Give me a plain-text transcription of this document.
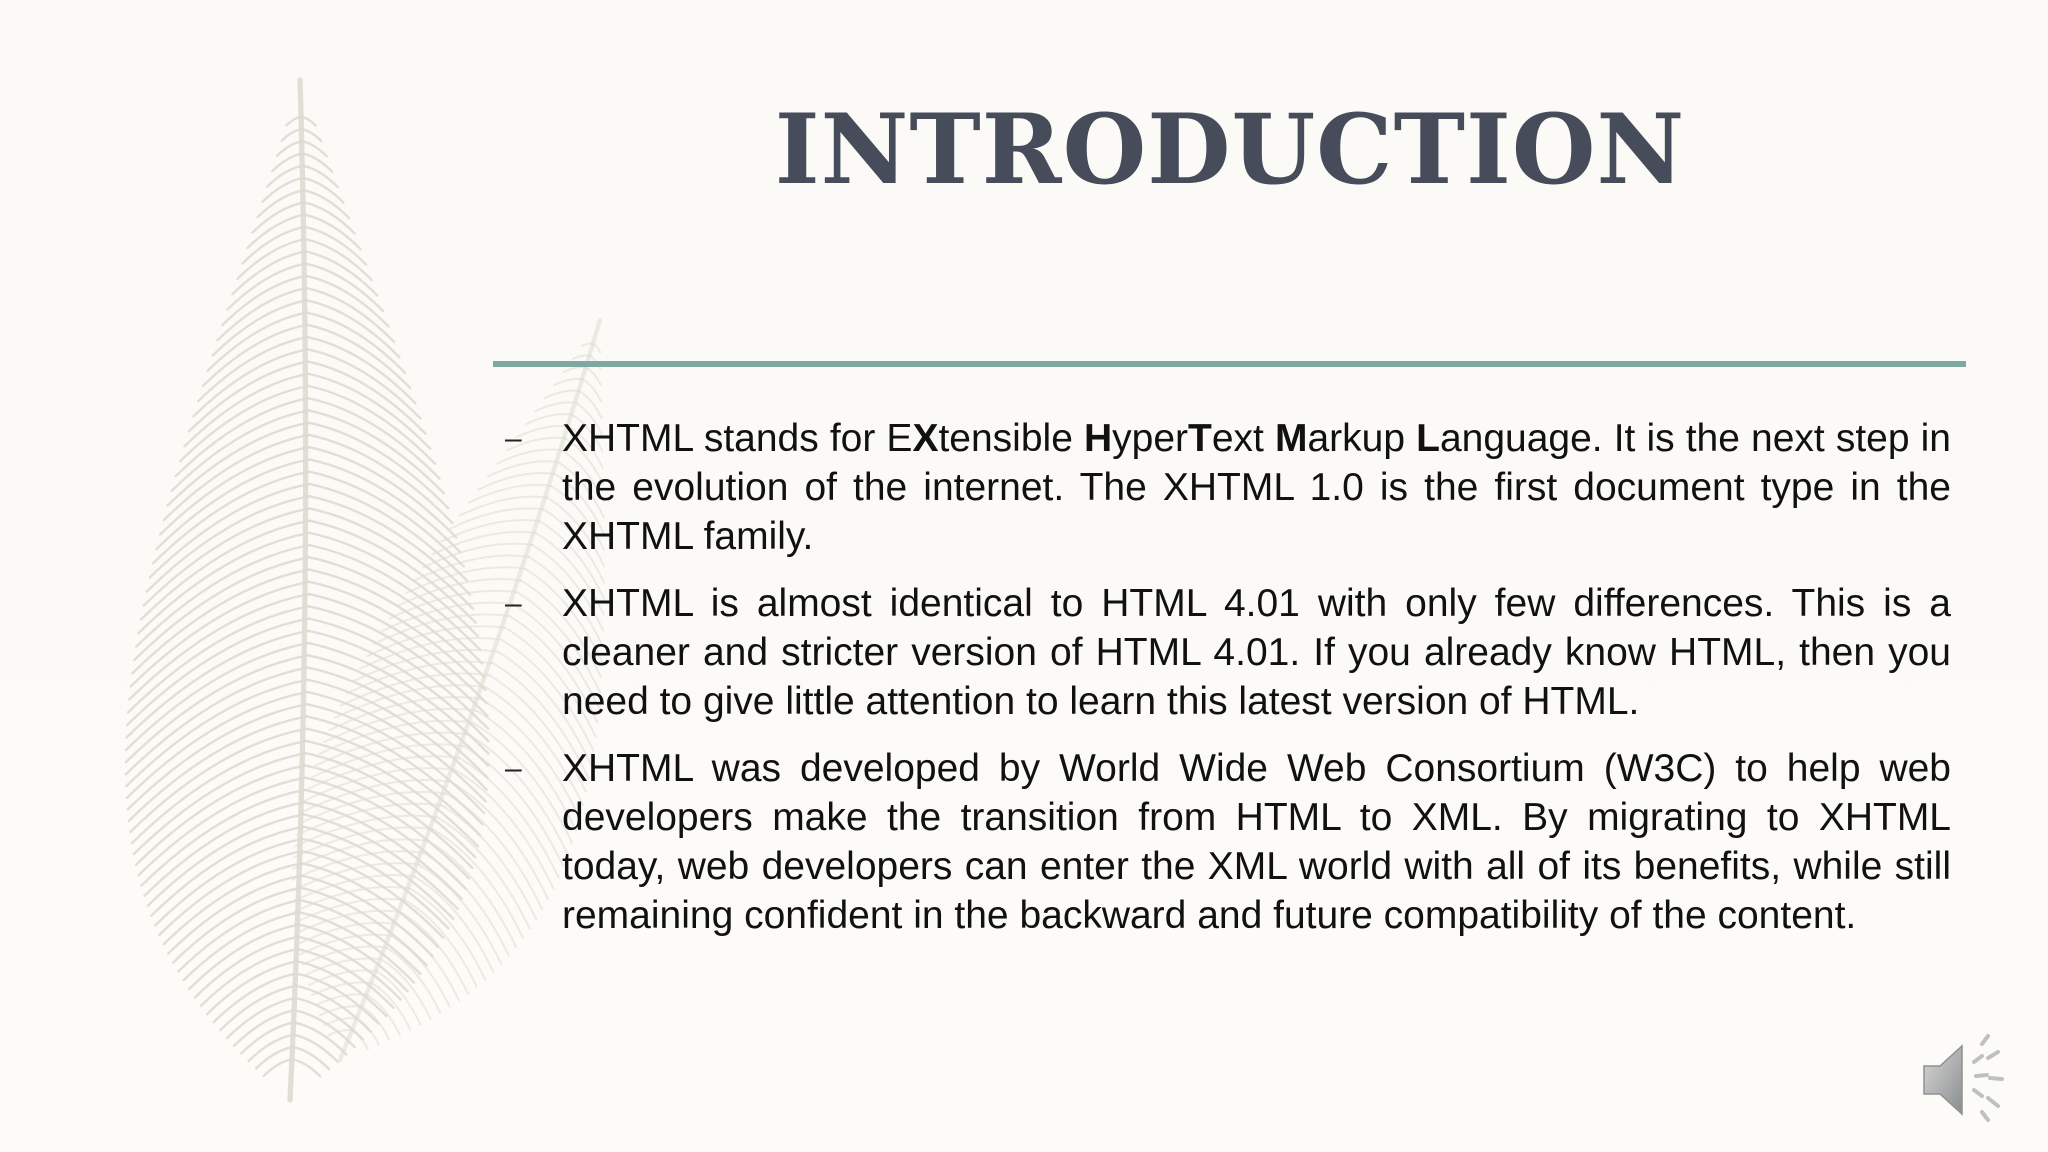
INTRODUCTION

– XHTML stands for EXtensible HyperText Markup Language. It is the next step in the evolution of the internet. The XHTML 1.0 is the first document type in the XHTML family.

– XHTML is almost identical to HTML 4.01 with only few differences. This is a cleaner and stricter version of HTML 4.01. If you already know HTML, then you need to give little attention to learn this latest version of HTML.

– XHTML was developed by World Wide Web Consortium (W3C) to help web developers make the transition from HTML to XML. By migrating to XHTML today, web developers can enter the XML world with all of its benefits, while still remaining confident in the backward and future compatibility of the content.
